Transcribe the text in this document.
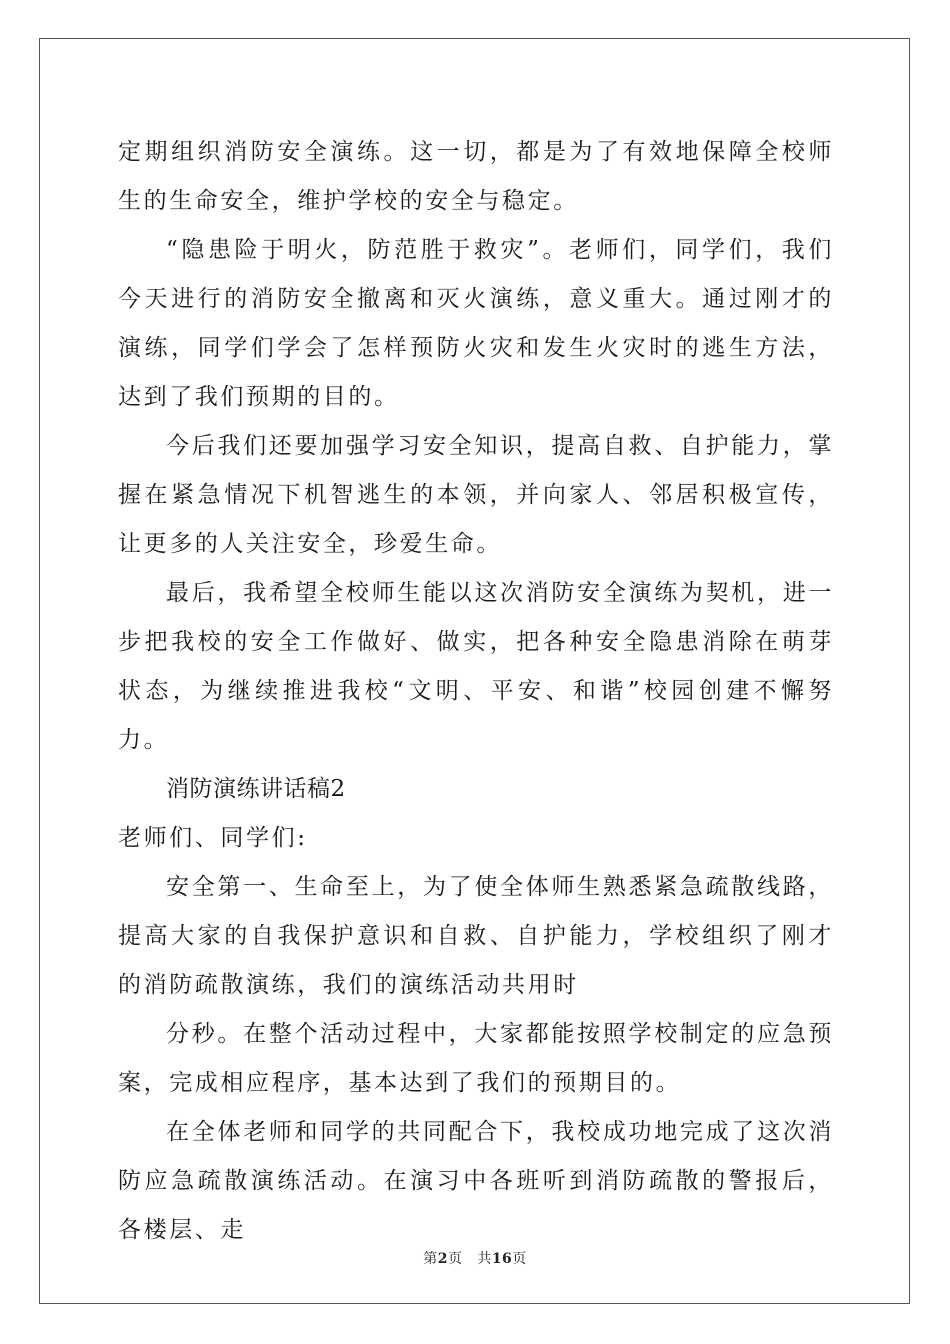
定期组织消防安全演练。这一切，都是为了有效地保障全校师生的生命安全，维护学校的安全与稳定。

“隐患险于明火，防范胜于救灾”。老师们，同学们，我们今天进行的消防安全撤离和灭火演练，意义重大。通过刚才的演练，同学们学会了怎样预防火灾和发生火灾时的逃生方法，达到了我们预期的目的。

今后我们还要加强学习安全知识，提高自救、自护能力，掌握在紧急情况下机智逃生的本领，并向家人、邻居积极宣传，让更多的人关注安全，珍爱生命。

最后，我希望全校师生能以这次消防安全演练为契机，进一步把我校的安全工作做好、做实，把各种安全隐患消除在萌芽状态，为继续推进我校“文明、平安、和谐”校园创建不懈努力。

消防演练讲话稿2

老师们、同学们:

安全第一、生命至上，为了使全体师生熟悉紧急疏散线路，提高大家的自我保护意识和自救、自护能力，学校组织了刚才的消防疏散演练，我们的演练活动共用时

分秒。在整个活动过程中，大家都能按照学校制定的应急预案，完成相应程序，基本达到了我们的预期目的。

在全体老师和同学的共同配合下，我校成功地完成了这次消防应急疏散演练活动。在演习中各班听到消防疏散的警报后，各楼层、走

第2页 共16页
